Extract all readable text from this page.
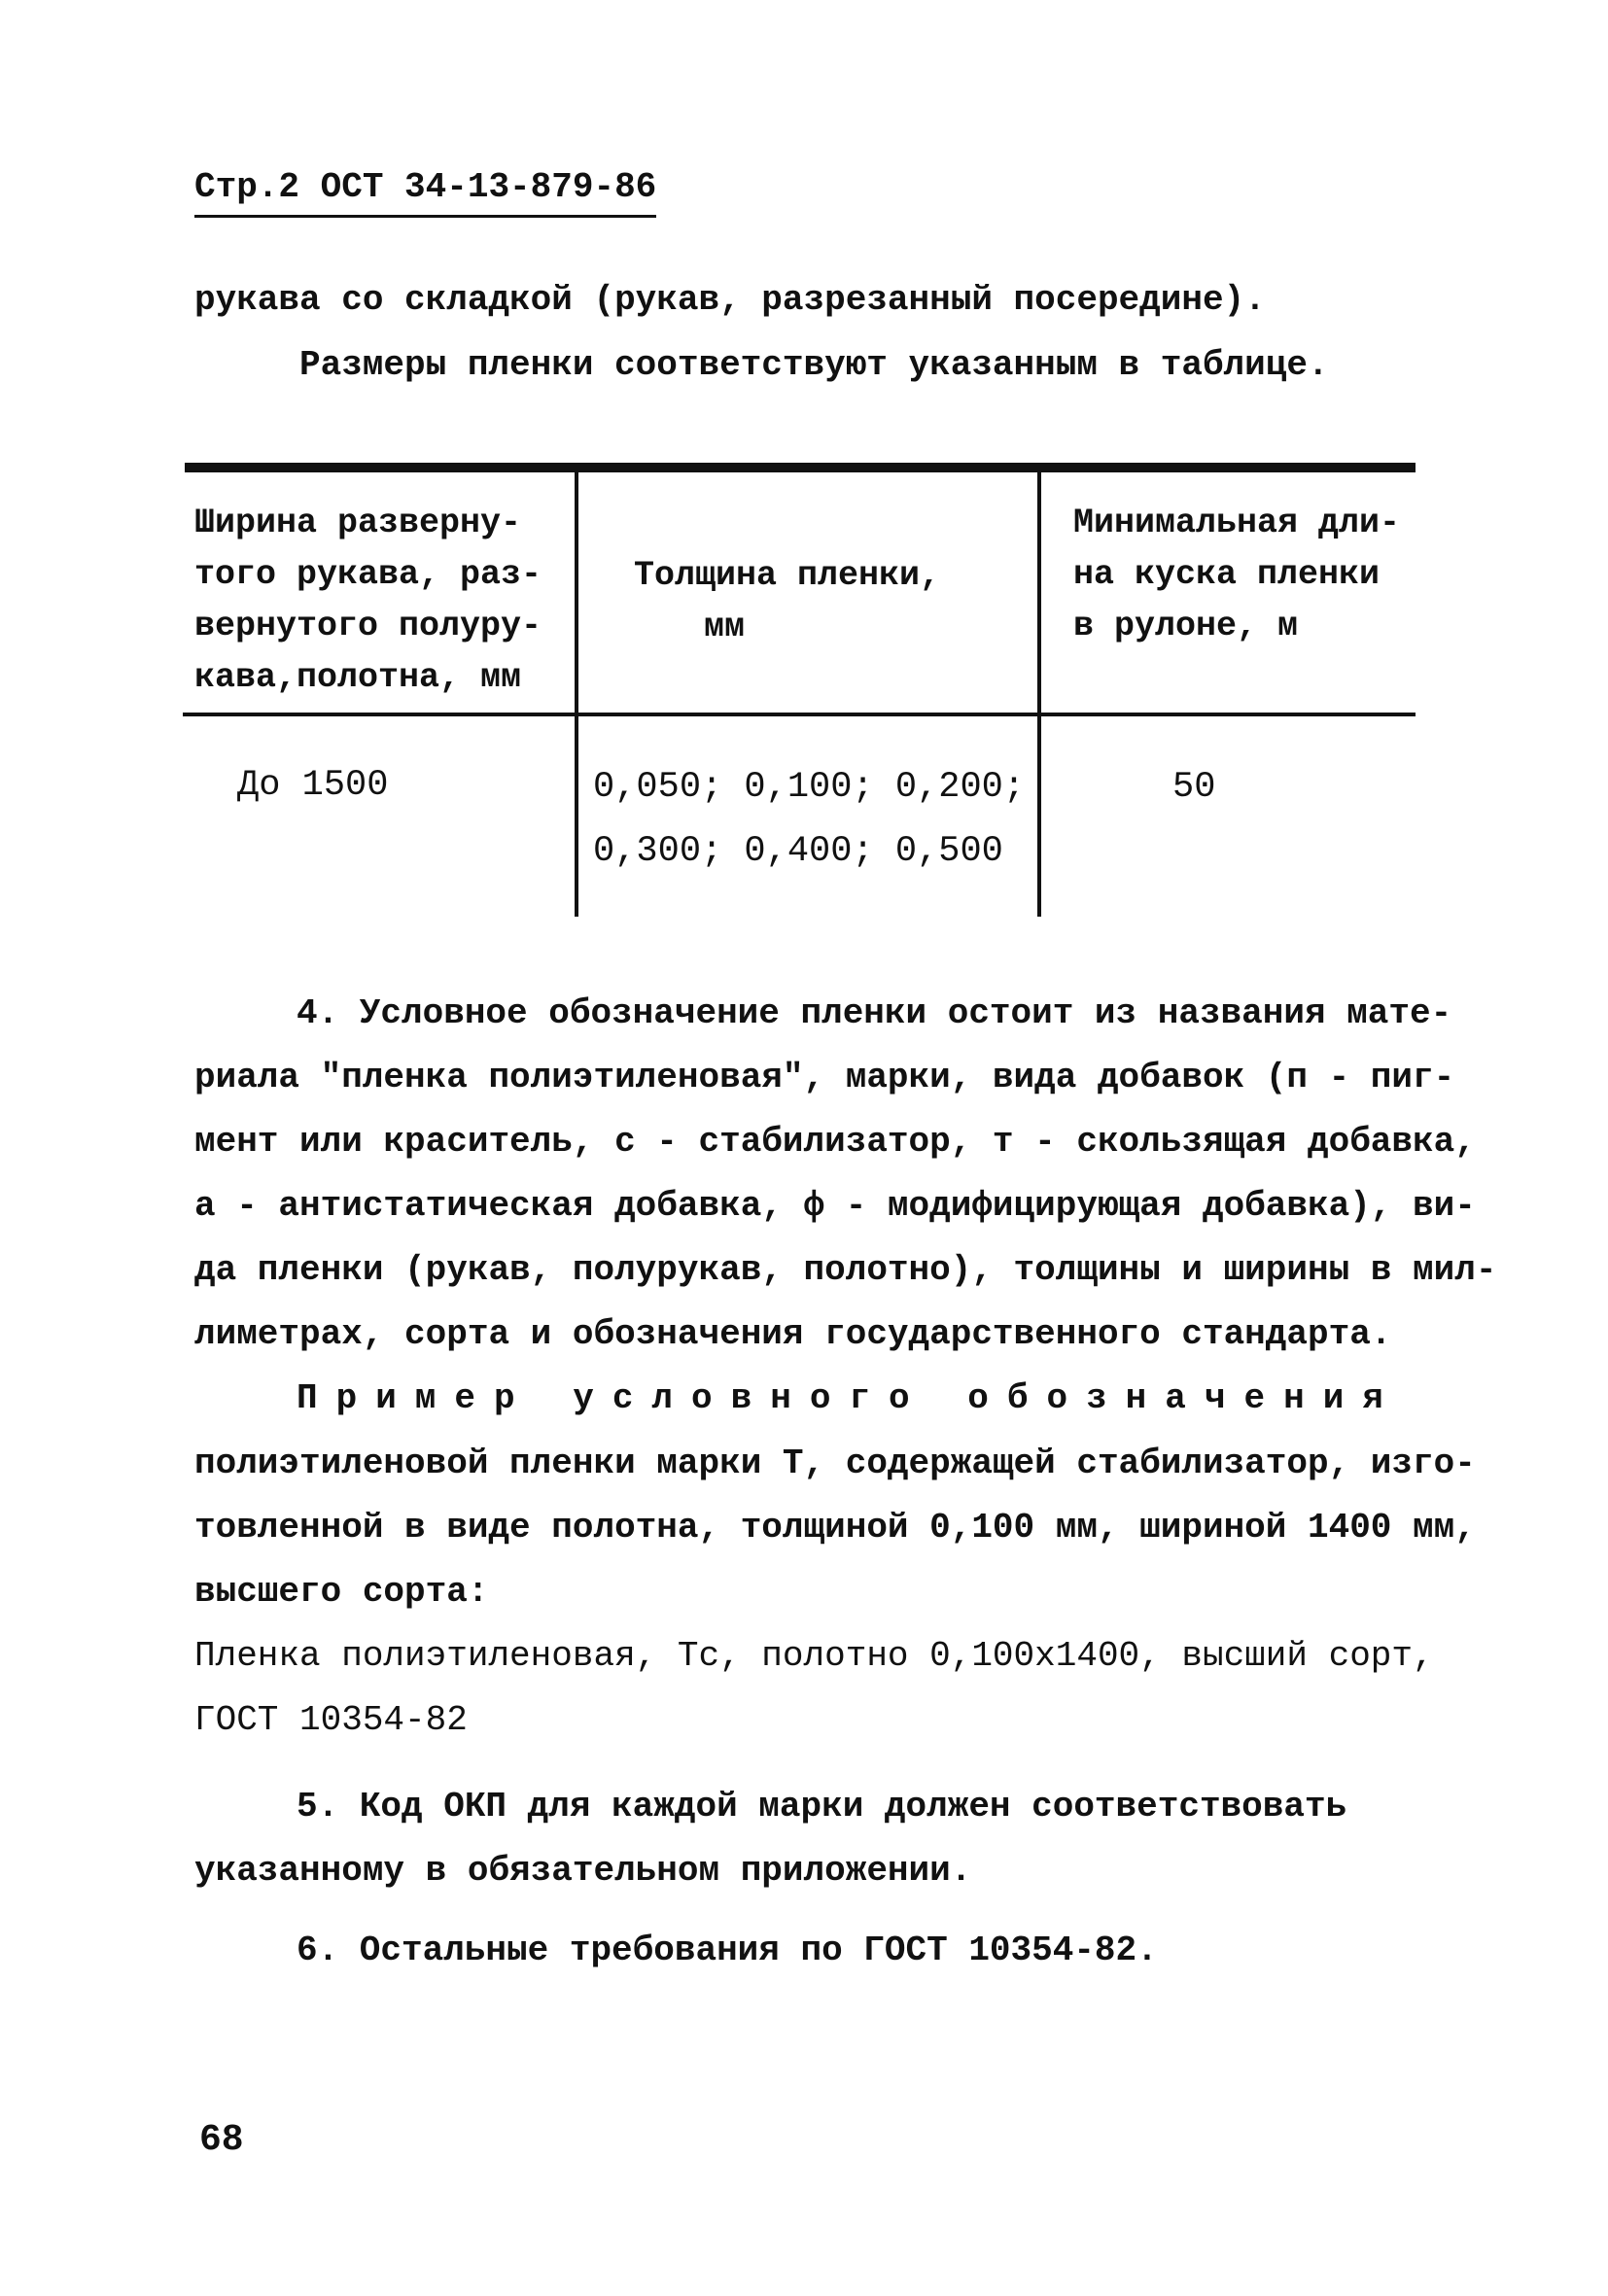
Стр.2 ОСТ 34-13-879-86
рукава со складкой (рукав, разрезанный посередине).
Размеры пленки соответствуют указанным в таблице.
Ширина разверну-
того рукава, раз-
вернутого полуру-
кава,полотна, мм
Толщина пленки,
мм
Минимальная дли-
на куска пленки
в рулоне, м
До 1500	0,050; 0,100; 0,200;
0,300; 0,400; 0,500
50
4. Условное обозначение пленки остоит из названия мате-
риала "пленка полиэтиленовая", марки, вида добавок (п - пиг-
мент или краситель, с - стабилизатор, т - скользящая добавка,
а - антистатическая добавка, ф - модифицирующая добавка), ви-
да пленки (рукав, полурукав, полотно), толщины и ширины в мил-
лиметрах, сорта и обозначения государственного стандарта.
Пример условного обозначения
полиэтиленовой пленки марки Т, содержащей стабилизатор, изго-
товленной в виде полотна, толщиной 0,100 мм, шириной 1400 мм,
высшего сорта:
Пленка полиэтиленовая, Тс, полотно 0,100х1400, высший сорт,
ГОСТ 10354-82
5. Код ОКП для каждой марки должен соответствовать
указанному в обязательном приложении.
6. Остальные требования по ГОСТ 10354-82.
68
